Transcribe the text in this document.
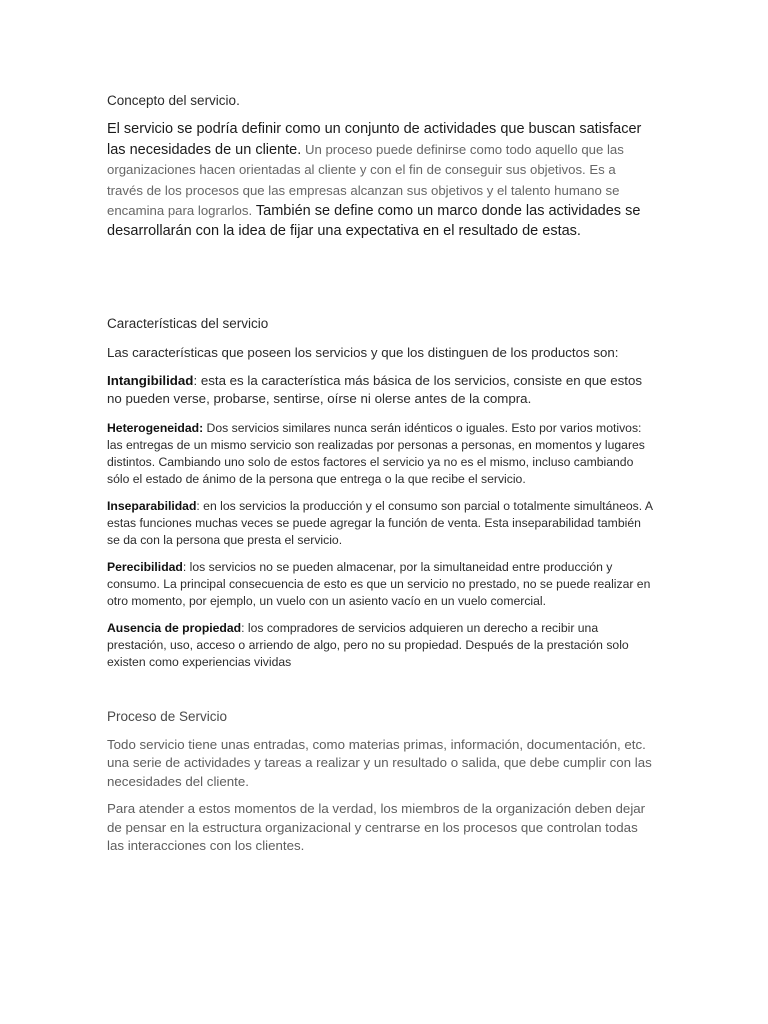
Concepto del servicio.

El servicio se podría definir como un conjunto de actividades que buscan satisfacer las necesidades de un cliente. Un proceso puede definirse como todo aquello que las organizaciones hacen orientadas al cliente y con el fin de conseguir sus objetivos. Es a través de los procesos que las empresas alcanzan sus objetivos y el talento humano se encamina para lograrlos. También se define como un marco donde las actividades se desarrollarán con la idea de fijar una expectativa en el resultado de estas.

Características del servicio

Las características que poseen los servicios y que los distinguen de los productos son:

Intangibilidad: esta es la característica más básica de los servicios, consiste en que estos no pueden verse, probarse, sentirse, oírse ni olerse antes de la compra.

Heterogeneidad: Dos servicios similares nunca serán idénticos o iguales. Esto por varios motivos: las entregas de un mismo servicio son realizadas por personas a personas, en momentos y lugares distintos. Cambiando uno solo de estos factores el servicio ya no es el mismo, incluso cambiando sólo el estado de ánimo de la persona que entrega o la que recibe el servicio.

Inseparabilidad: en los servicios la producción y el consumo son parcial o totalmente simultáneos. A estas funciones muchas veces se puede agregar la función de venta. Esta inseparabilidad también se da con la persona que presta el servicio.

Perecibilidad: los servicios no se pueden almacenar, por la simultaneidad entre producción y consumo. La principal consecuencia de esto es que un servicio no prestado, no se puede realizar en otro momento, por ejemplo, un vuelo con un asiento vacío en un vuelo comercial.

Ausencia de propiedad: los compradores de servicios adquieren un derecho a recibir una prestación, uso, acceso o arriendo de algo, pero no su propiedad. Después de la prestación solo existen como experiencias vividas

Proceso de Servicio

Todo servicio tiene unas entradas, como materias primas, información, documentación, etc. una serie de actividades y tareas a realizar y un resultado o salida, que debe cumplir con las necesidades del cliente.

Para atender a estos momentos de la verdad, los miembros de la organización deben dejar de pensar en la estructura organizacional y centrarse en los procesos que controlan todas las interacciones con los clientes.
